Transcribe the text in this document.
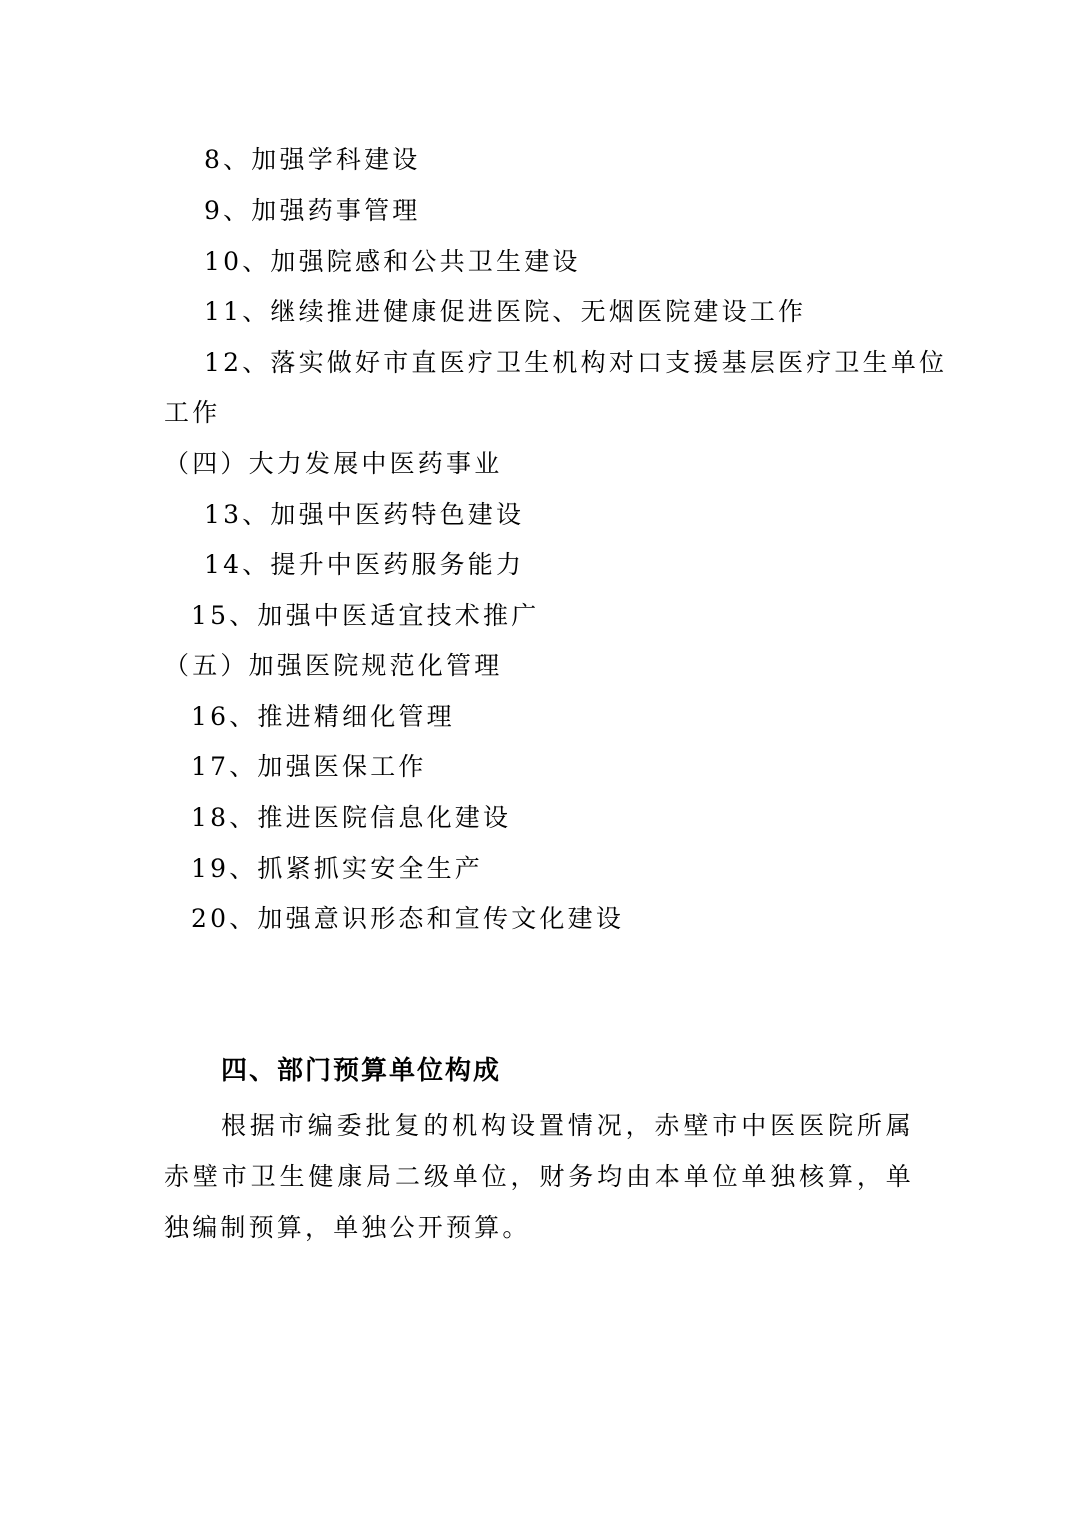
8、加强学科建设
9、加强药事管理
10、加强院感和公共卫生建设
11、继续推进健康促进医院、无烟医院建设工作
12、落实做好市直医疗卫生机构对口支援基层医疗卫生单位
工作
（四）大力发展中医药事业
13、加强中医药特色建设
14、提升中医药服务能力
15、加强中医适宜技术推广
（五）加强医院规范化管理
16、推进精细化管理
17、加强医保工作
18、推进医院信息化建设
19、抓紧抓实安全生产
20、加强意识形态和宣传文化建设
四、部门预算单位构成
根据市编委批复的机构设置情况，赤壁市中医医院所属赤壁市卫生健康局二级单位，财务均由本单位单独核算，单独编制预算，单独公开预算。
